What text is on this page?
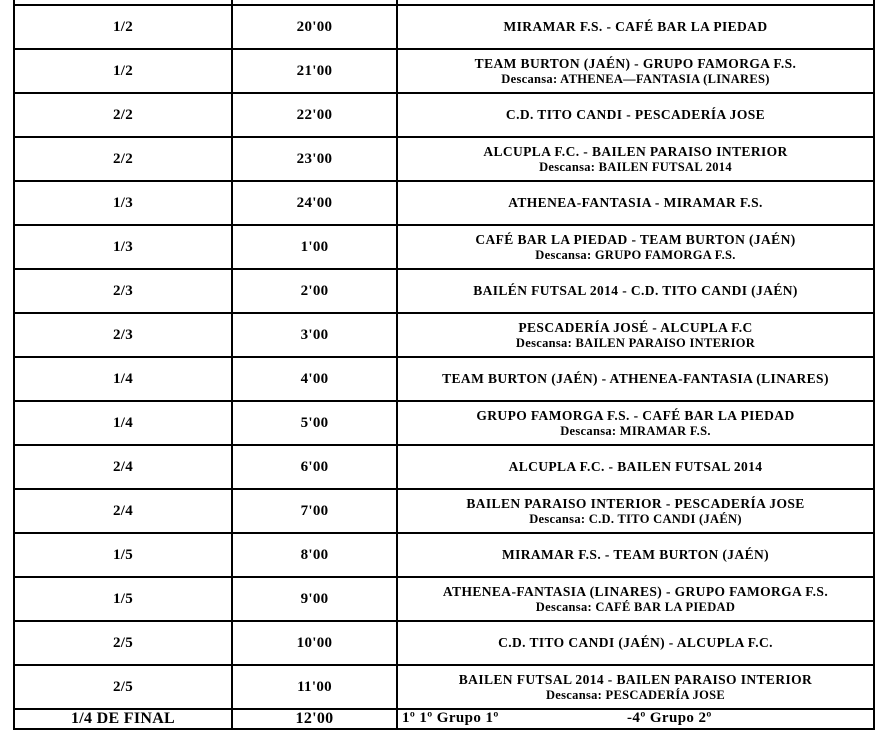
1/2	20'00	MIRAMAR F.S. - CAFÉ BAR LA PIEDAD

1/2	21'00	TEAM BURTON (JAÉN) - GRUPO FAMORGA F.S.
Descansa: ATHENEA—FANTASIA (LINARES)

2/2	22'00	C.D. TITO CANDI - PESCADERÍA JOSE

2/2	23'00	ALCUPLA F.C. - BAILEN PARAISO INTERIOR
Descansa: BAILEN FUTSAL 2014

1/3	24'00	ATHENEA-FANTASIA - MIRAMAR F.S.

1/3	1'00	CAFÉ BAR LA PIEDAD - TEAM BURTON (JAÉN)
Descansa: GRUPO FAMORGA F.S.

2/3	2'00	BAILÉN FUTSAL 2014 - C.D. TITO CANDI (JAÉN)

2/3	3'00	PESCADERÍA JOSÉ - ALCUPLA F.C
Descansa: BAILEN PARAISO INTERIOR

1/4	4'00	TEAM BURTON (JAÉN) - ATHENEA-FANTASIA (LINARES)

1/4	5'00	GRUPO FAMORGA F.S. - CAFÉ BAR LA PIEDAD
Descansa: MIRAMAR F.S.

2/4	6'00	ALCUPLA F.C. - BAILEN FUTSAL 2014

2/4	7'00	BAILEN PARAISO INTERIOR - PESCADERÍA JOSE
Descansa: C.D. TITO CANDI (JAÉN)

1/5	8'00	MIRAMAR F.S. - TEAM BURTON (JAÉN)

1/5	9'00	ATHENEA-FANTASIA (LINARES) - GRUPO FAMORGA F.S.
Descansa: CAFÉ BAR LA PIEDAD

2/5	10'00	C.D. TITO CANDI (JAÉN) - ALCUPLA F.C.

2/5	11'00	BAILEN FUTSAL 2014 - BAILEN PARAISO INTERIOR
Descansa: PESCADERÍA JOSE

1/4 DE FINAL	12'00	1º 1º Grupo 1º -4º Grupo 2º
